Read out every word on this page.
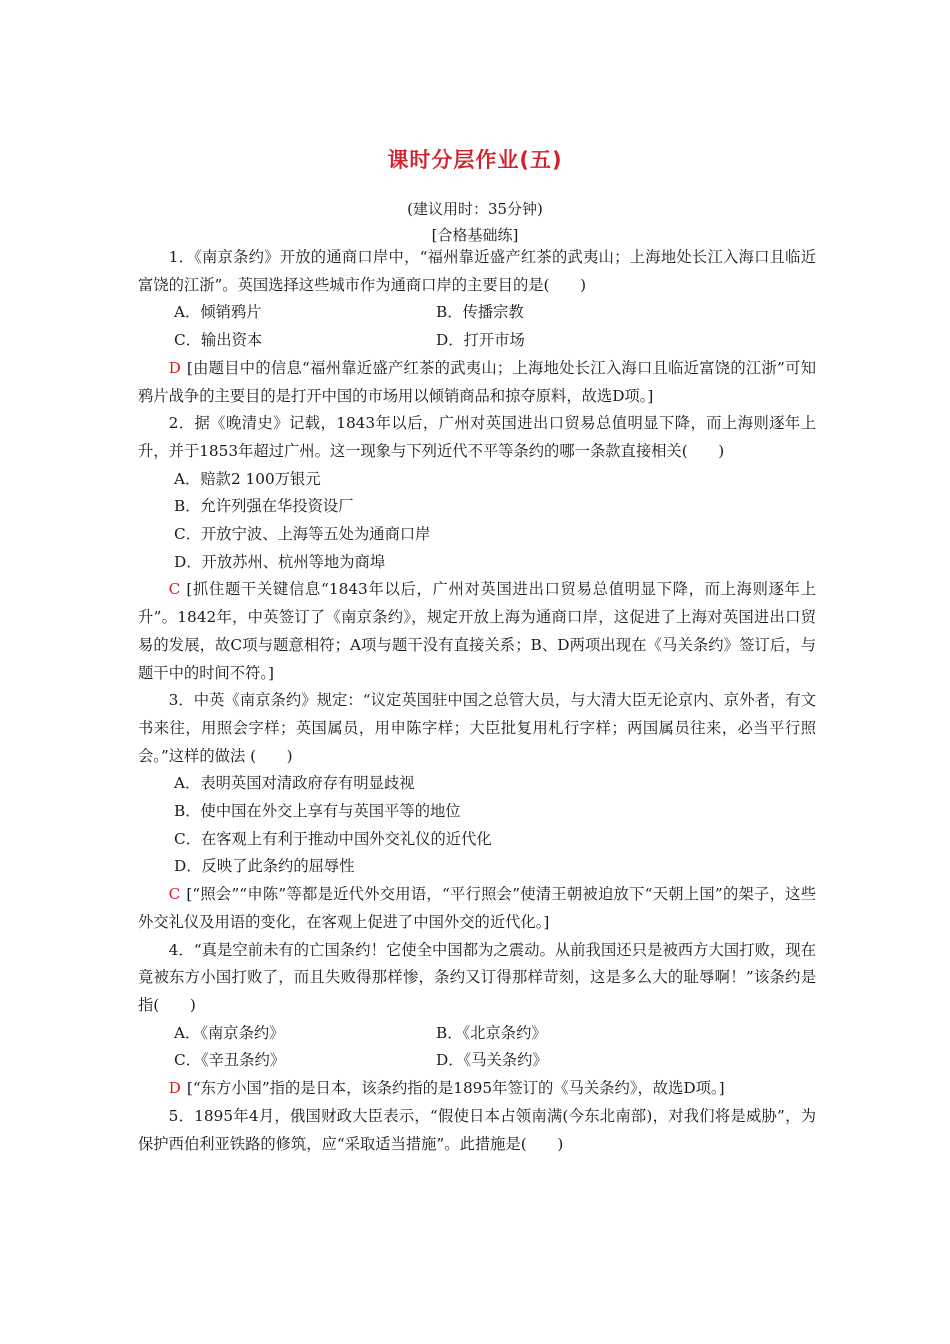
课时分层作业(五)
(建议用时：35分钟)
[合格基础练]
1．《南京条约》开放的通商口岸中，“福州靠近盛产红茶的武夷山；上海地处长江入海口且临近富饶的江浙”。英国选择这些城市作为通商口岸的主要目的是(　　)
A．倾销鸦片	B．传播宗教
C．输出资本	D．打开市场
D [由题目中的信息“福州靠近盛产红茶的武夷山；上海地处长江入海口且临近富饶的江浙”可知鸦片战争的主要目的是打开中国的市场用以倾销商品和掠夺原料，故选D项。]
2．据《晚清史》记载，1843年以后，广州对英国进出口贸易总值明显下降，而上海则逐年上升，并于1853年超过广州。这一现象与下列近代不平等条约的哪一条款直接相关(　　)
A．赔款2 100万银元
B．允许列强在华投资设厂
C．开放宁波、上海等五处为通商口岸
D．开放苏州、杭州等地为商埠
C [抓住题干关键信息“1843年以后，广州对英国进出口贸易总值明显下降，而上海则逐年上升”。1842年，中英签订了《南京条约》，规定开放上海为通商口岸，这促进了上海对英国进出口贸易的发展，故C项与题意相符；A项与题干没有直接关系；B、D两项出现在《马关条约》签订后，与题干中的时间不符。]
3．中英《南京条约》规定：“议定英国驻中国之总管大员，与大清大臣无论京内、京外者，有文书来往，用照会字样；英国属员，用申陈字样；大臣批复用札行字样；两国属员往来，必当平行照会。”这样的做法 (　　)
A．表明英国对清政府存有明显歧视
B．使中国在外交上享有与英国平等的地位
C．在客观上有利于推动中国外交礼仪的近代化
D．反映了此条约的屈辱性
C [“照会”“申陈”等都是近代外交用语，“平行照会”使清王朝被迫放下“天朝上国”的架子，这些外交礼仪及用语的变化，在客观上促进了中国外交的近代化。]
4．“真是空前未有的亡国条约！它使全中国都为之震动。从前我国还只是被西方大国打败，现在竟被东方小国打败了，而且失败得那样惨，条约又订得那样苛刻，这是多么大的耻辱啊！”该条约是指(　　)
A．《南京条约》	B．《北京条约》
C．《辛丑条约》	D．《马关条约》
D [“东方小国”指的是日本，该条约指的是1895年签订的《马关条约》，故选D项。]
5．1895年4月，俄国财政大臣表示，“假使日本占领南满(今东北南部)，对我们将是威胁”，为保护西伯利亚铁路的修筑，应“采取适当措施”。此措施是(　　)
